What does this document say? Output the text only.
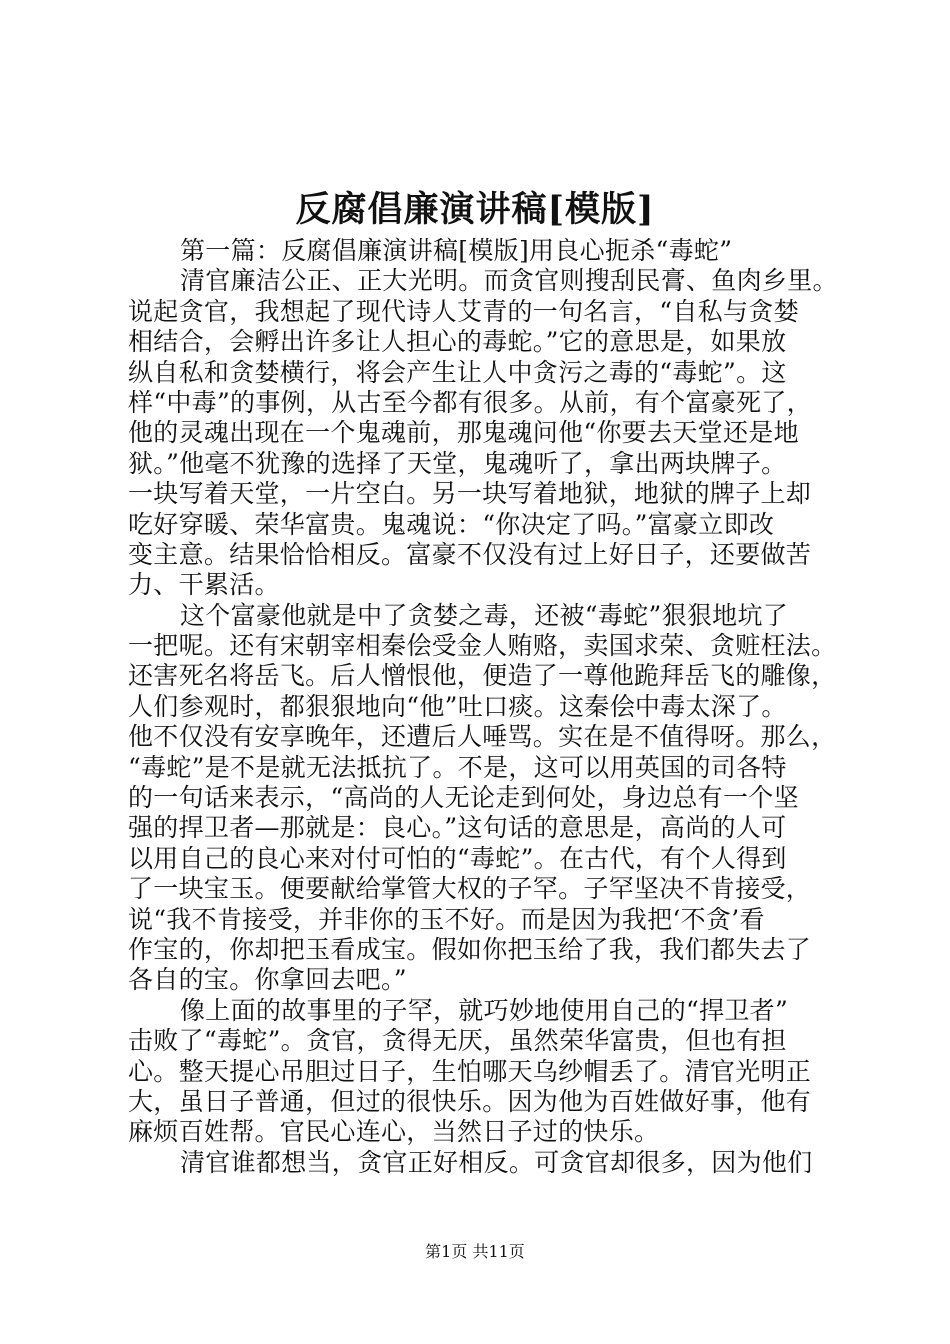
反腐倡廉演讲稿[模版]
第一篇：反腐倡廉演讲稿[模版]用良心扼杀“毒蛇”
清官廉洁公正、正大光明。而贪官则搜刮民膏、鱼肉乡里。
说起贪官，我想起了现代诗人艾青的一句名言，“自私与贪婪
相结合，会孵出许多让人担心的毒蛇。”它的意思是，如果放
纵自私和贪婪横行，将会产生让人中贪污之毒的“毒蛇”。这
样“中毒”的事例，从古至今都有很多。从前，有个富豪死了，
他的灵魂出现在一个鬼魂前，那鬼魂问他“你要去天堂还是地
狱。”他毫不犹豫的选择了天堂，鬼魂听了，拿出两块牌子。
一块写着天堂，一片空白。另一块写着地狱，地狱的牌子上却
吃好穿暖、荣华富贵。鬼魂说：“你决定了吗。”富豪立即改
变主意。结果恰恰相反。富豪不仅没有过上好日子，还要做苦
力、干累活。
这个富豪他就是中了贪婪之毒，还被“毒蛇”狠狠地坑了
一把呢。还有宋朝宰相秦侩受金人贿赂，卖国求荣、贪赃枉法。
还害死名将岳飞。后人憎恨他，便造了一尊他跪拜岳飞的雕像，
人们参观时，都狠狠地向“他”吐口痰。这秦侩中毒太深了。
他不仅没有安享晚年，还遭后人唾骂。实在是不值得呀。那么，
“毒蛇”是不是就无法抵抗了。不是，这可以用英国的司各特
的一句话来表示，“高尚的人无论走到何处，身边总有一个坚
强的捍卫者—那就是：良心。”这句话的意思是，高尚的人可
以用自己的良心来对付可怕的“毒蛇”。在古代，有个人得到
了一块宝玉。便要献给掌管大权的子罕。子罕坚决不肯接受，
说“我不肯接受，并非你的玉不好。而是因为我把‘不贪’看
作宝的，你却把玉看成宝。假如你把玉给了我，我们都失去了
各自的宝。你拿回去吧。”
像上面的故事里的子罕，就巧妙地使用自己的“捍卫者”
击败了“毒蛇”。贪官，贪得无厌，虽然荣华富贵，但也有担
心。整天提心吊胆过日子，生怕哪天乌纱帽丢了。清官光明正
大，虽日子普通，但过的很快乐。因为他为百姓做好事，他有
麻烦百姓帮。官民心连心，当然日子过的快乐。
清官谁都想当，贪官正好相反。可贪官却很多，因为他们
第1页 共11页
